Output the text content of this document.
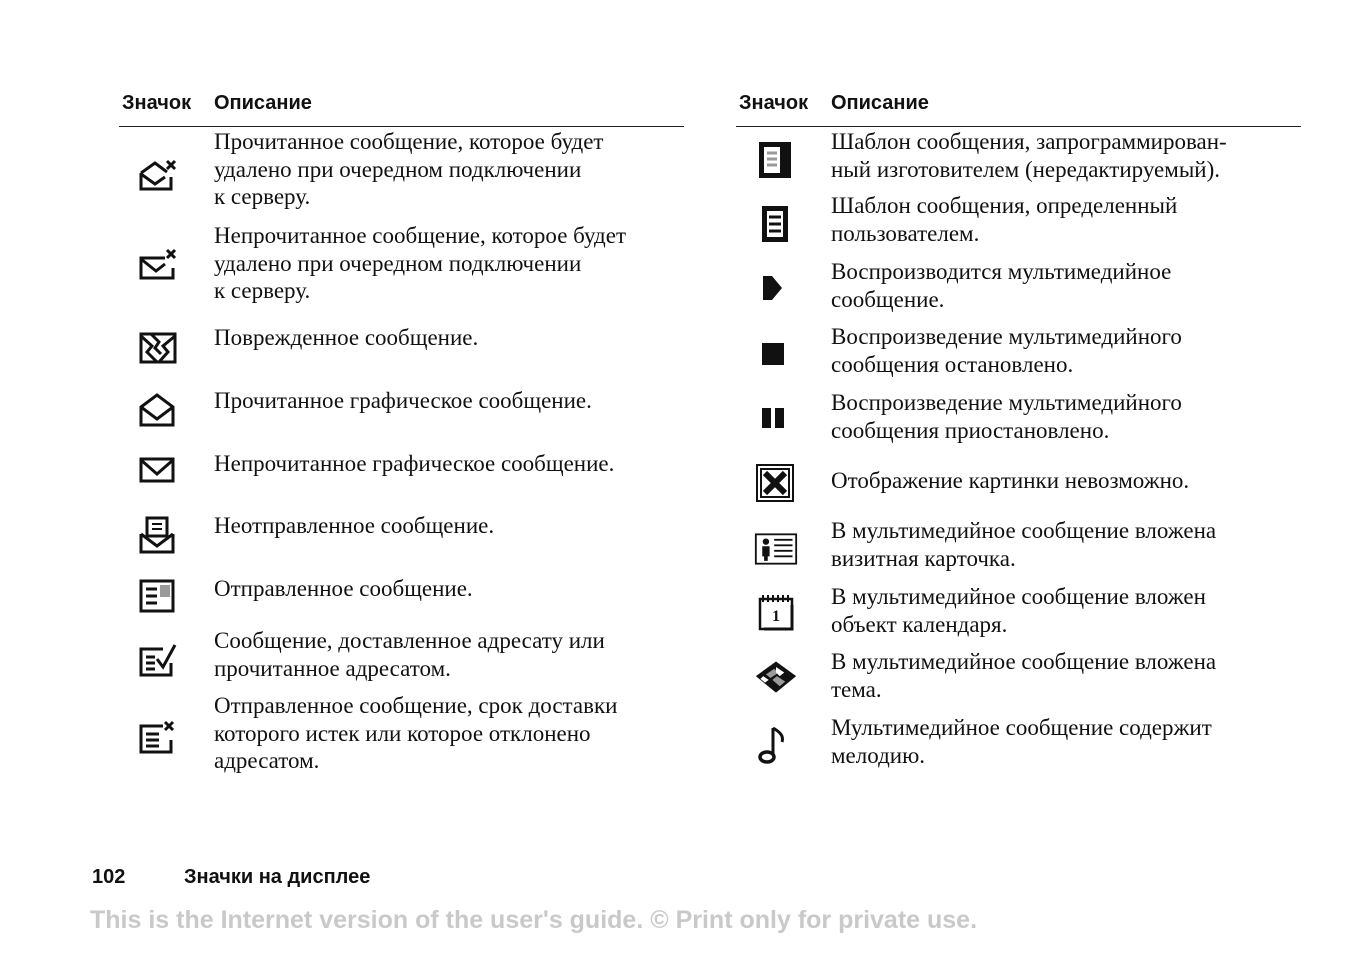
Значок Описание
Прочитанное сообщение, которое будет
удалено при очередном подключении
к серверу.
Непрочитанное сообщение, которое будет
удалено при очередном подключении
к серверу.
Поврежденное сообщение.
Прочитанное графическое сообщение.
Непрочитанное графическое сообщение.
Неотправленное сообщение.
Отправленное сообщение.
Сообщение, доставленное адресату или
прочитанное адресатом.
Отправленное сообщение, срок доставки
которого истек или которое отклонено
адресатом.
Значок Описание
Шаблон сообщения, запрограммирован-
ный изготовителем (нередактируемый).
Шаблон сообщения, определенный
пользователем.
Воспроизводится мультимедийное
сообщение.
Воспроизведение мультимедийного
сообщения остановлено.
Воспроизведение мультимедийного
сообщения приостановлено.
Отображение картинки невозможно.
В мультимедийное сообщение вложена
визитная карточка.
1
В мультимедийное сообщение вложен
объект календаря.
В мультимедийное сообщение вложена
тема.
Мультимедийное сообщение содержит
мелодию.
102	Значки на дисплее
This is the Internet version of the user's guide. © Print only for private use.
